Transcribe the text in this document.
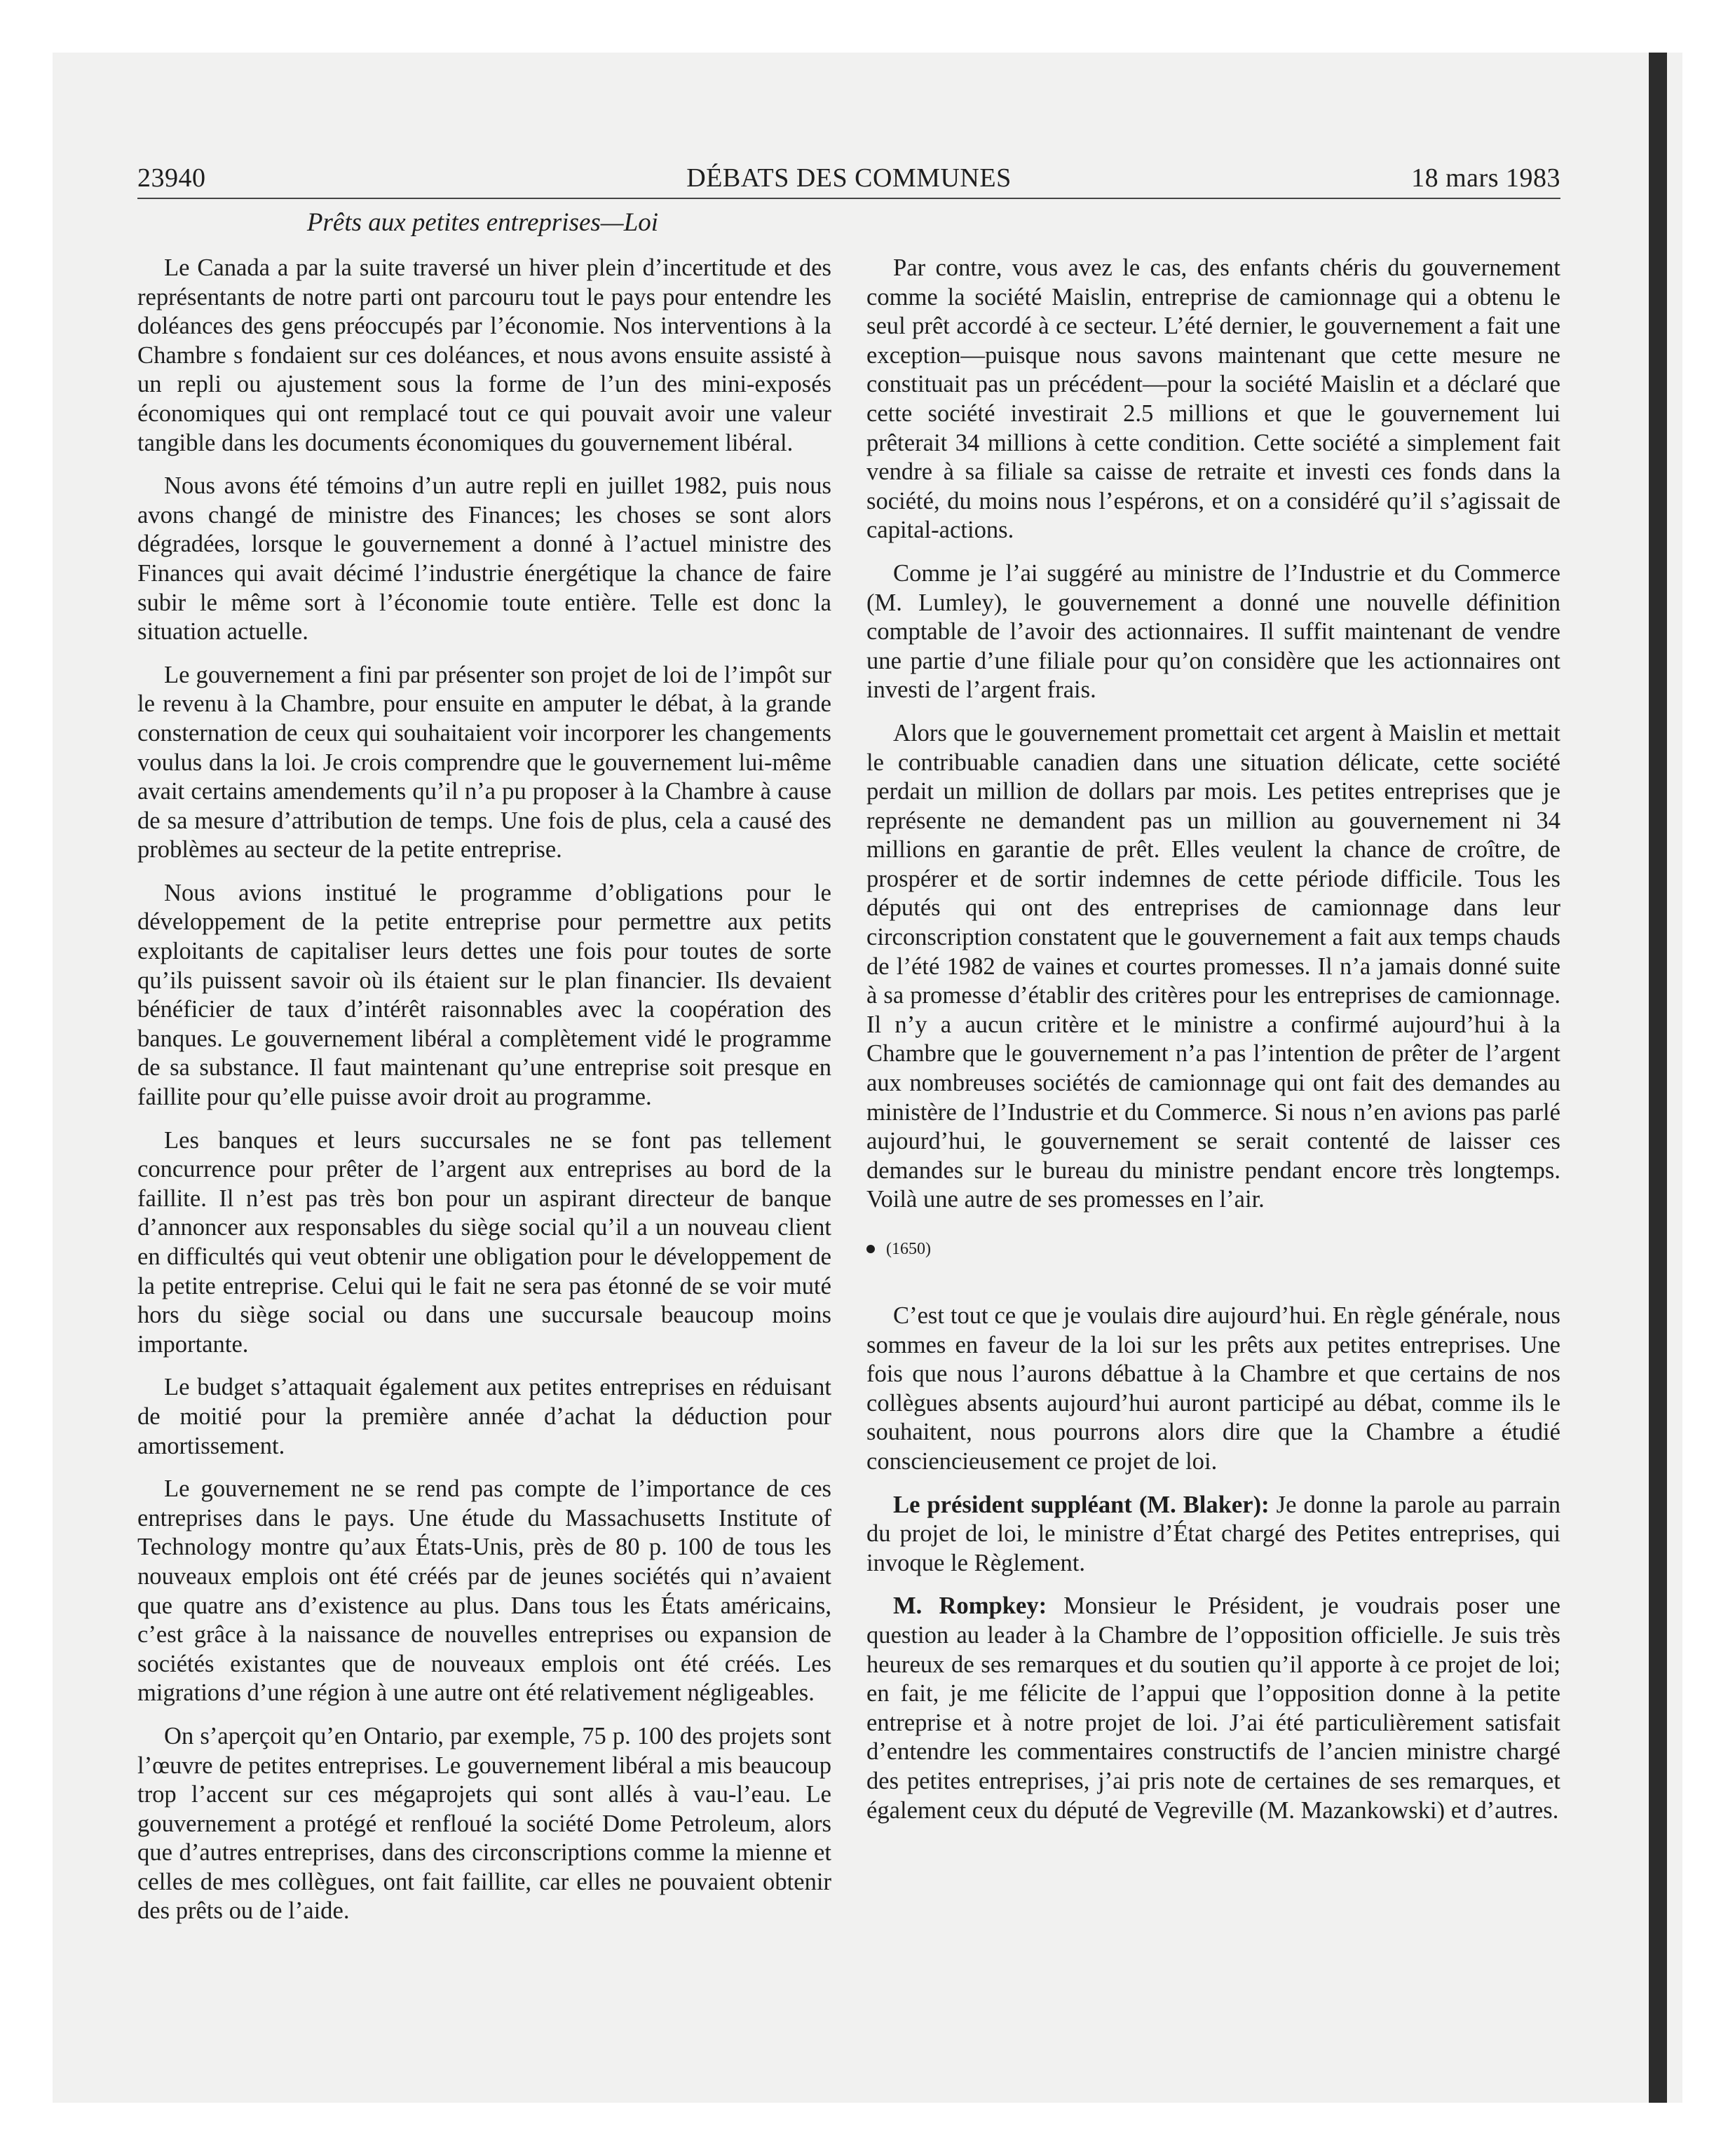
23940	DÉBATS DES COMMUNES	18 mars 1983
Prêts aux petites entreprises—Loi

Le Canada a par la suite traversé un hiver plein d’incertitude et des représentants de notre parti ont parcouru tout le pays pour entendre les doléances des gens préoccupés par l’économie. Nos interventions à la Chambre s fondaient sur ces doléances, et nous avons ensuite assisté à un repli ou ajustement sous la forme de l’un des mini-exposés économiques qui ont remplacé tout ce qui pouvait avoir une valeur tangible dans les documents économiques du gouvernement libéral.

Nous avons été témoins d’un autre repli en juillet 1982, puis nous avons changé de ministre des Finances; les choses se sont alors dégradées, lorsque le gouvernement a donné à l’actuel ministre des Finances qui avait décimé l’industrie énergétique la chance de faire subir le même sort à l’économie toute entière. Telle est donc la situation actuelle.

Le gouvernement a fini par présenter son projet de loi de l’impôt sur le revenu à la Chambre, pour ensuite en amputer le débat, à la grande consternation de ceux qui souhaitaient voir incorporer les changements voulus dans la loi. Je crois comprendre que le gouvernement lui-même avait certains amendements qu’il n’a pu proposer à la Chambre à cause de sa mesure d’attribution de temps. Une fois de plus, cela a causé des problèmes au secteur de la petite entreprise.

Nous avions institué le programme d’obligations pour le développement de la petite entreprise pour permettre aux petits exploitants de capitaliser leurs dettes une fois pour toutes de sorte qu’ils puissent savoir où ils étaient sur le plan financier. Ils devaient bénéficier de taux d’intérêt raisonnables avec la coopération des banques. Le gouvernement libéral a complètement vidé le programme de sa substance. Il faut maintenant qu’une entreprise soit presque en faillite pour qu’elle puisse avoir droit au programme.

Les banques et leurs succursales ne se font pas tellement concurrence pour prêter de l’argent aux entreprises au bord de la faillite. Il n’est pas très bon pour un aspirant directeur de banque d’annoncer aux responsables du siège social qu’il a un nouveau client en difficultés qui veut obtenir une obligation pour le développement de la petite entreprise. Celui qui le fait ne sera pas étonné de se voir muté hors du siège social ou dans une succursale beaucoup moins importante.

Le budget s’attaquait également aux petites entreprises en réduisant de moitié pour la première année d’achat la déduction pour amortissement.

Le gouvernement ne se rend pas compte de l’importance de ces entreprises dans le pays. Une étude du Massachusetts Institute of Technology montre qu’aux États-Unis, près de 80 p. 100 de tous les nouveaux emplois ont été créés par de jeunes sociétés qui n’avaient que quatre ans d’existence au plus. Dans tous les États américains, c’est grâce à la naissance de nouvelles entreprises ou expansion de sociétés existantes que de nouveaux emplois ont été créés. Les migrations d’une région à une autre ont été relativement négligeables.

On s’aperçoit qu’en Ontario, par exemple, 75 p. 100 des projets sont l’œuvre de petites entreprises. Le gouvernement libéral a mis beaucoup trop l’accent sur ces mégaprojets qui sont allés à vau-l’eau. Le gouvernement a protégé et renfloué la société Dome Petroleum, alors que d’autres entreprises, dans des circonscriptions comme la mienne et celles de mes collègues, ont fait faillite, car elles ne pouvaient obtenir des prêts ou de l’aide.

Par contre, vous avez le cas, des enfants chéris du gouvernement comme la société Maislin, entreprise de camionnage qui a obtenu le seul prêt accordé à ce secteur. L’été dernier, le gouvernement a fait une exception—puisque nous savons maintenant que cette mesure ne constituait pas un précédent—pour la société Maislin et a déclaré que cette société investirait 2.5 millions et que le gouvernement lui prêterait 34 millions à cette condition. Cette société a simplement fait vendre à sa filiale sa caisse de retraite et investi ces fonds dans la société, du moins nous l’espérons, et on a considéré qu’il s’agissait de capital-actions.

Comme je l’ai suggéré au ministre de l’Industrie et du Commerce (M. Lumley), le gouvernement a donné une nouvelle définition comptable de l’avoir des actionnaires. Il suffit maintenant de vendre une partie d’une filiale pour qu’on considère que les actionnaires ont investi de l’argent frais.

Alors que le gouvernement promettait cet argent à Maislin et mettait le contribuable canadien dans une situation délicate, cette société perdait un million de dollars par mois. Les petites entreprises que je représente ne demandent pas un million au gouvernement ni 34 millions en garantie de prêt. Elles veulent la chance de croître, de prospérer et de sortir indemnes de cette période difficile. Tous les députés qui ont des entreprises de camionnage dans leur circonscription constatent que le gouvernement a fait aux temps chauds de l’été 1982 de vaines et courtes promesses. Il n’a jamais donné suite à sa promesse d’établir des critères pour les entreprises de camionnage. Il n’y a aucun critère et le ministre a confirmé aujourd’hui à la Chambre que le gouvernement n’a pas l’intention de prêter de l’argent aux nombreuses sociétés de camionnage qui ont fait des demandes au ministère de l’Industrie et du Commerce. Si nous n’en avions pas parlé aujourd’hui, le gouvernement se serait contenté de laisser ces demandes sur le bureau du ministre pendant encore très longtemps. Voilà une autre de ses promesses en l’air.

(1650)

C’est tout ce que je voulais dire aujourd’hui. En règle générale, nous sommes en faveur de la loi sur les prêts aux petites entreprises. Une fois que nous l’aurons débattue à la Chambre et que certains de nos collègues absents aujourd’hui auront participé au débat, comme ils le souhaitent, nous pourrons alors dire que la Chambre a étudié consciencieusement ce projet de loi.

Le président suppléant (M. Blaker): Je donne la parole au parrain du projet de loi, le ministre d’État chargé des Petites entreprises, qui invoque le Règlement.

M. Rompkey: Monsieur le Président, je voudrais poser une question au leader à la Chambre de l’opposition officielle. Je suis très heureux de ses remarques et du soutien qu’il apporte à ce projet de loi; en fait, je me félicite de l’appui que l’opposition donne à la petite entreprise et à notre projet de loi. J’ai été particulièrement satisfait d’entendre les commentaires constructifs de l’ancien ministre chargé des petites entreprises, j’ai pris note de certaines de ses remarques, et également ceux du député de Vegreville (M. Mazankowski) et d’autres.
